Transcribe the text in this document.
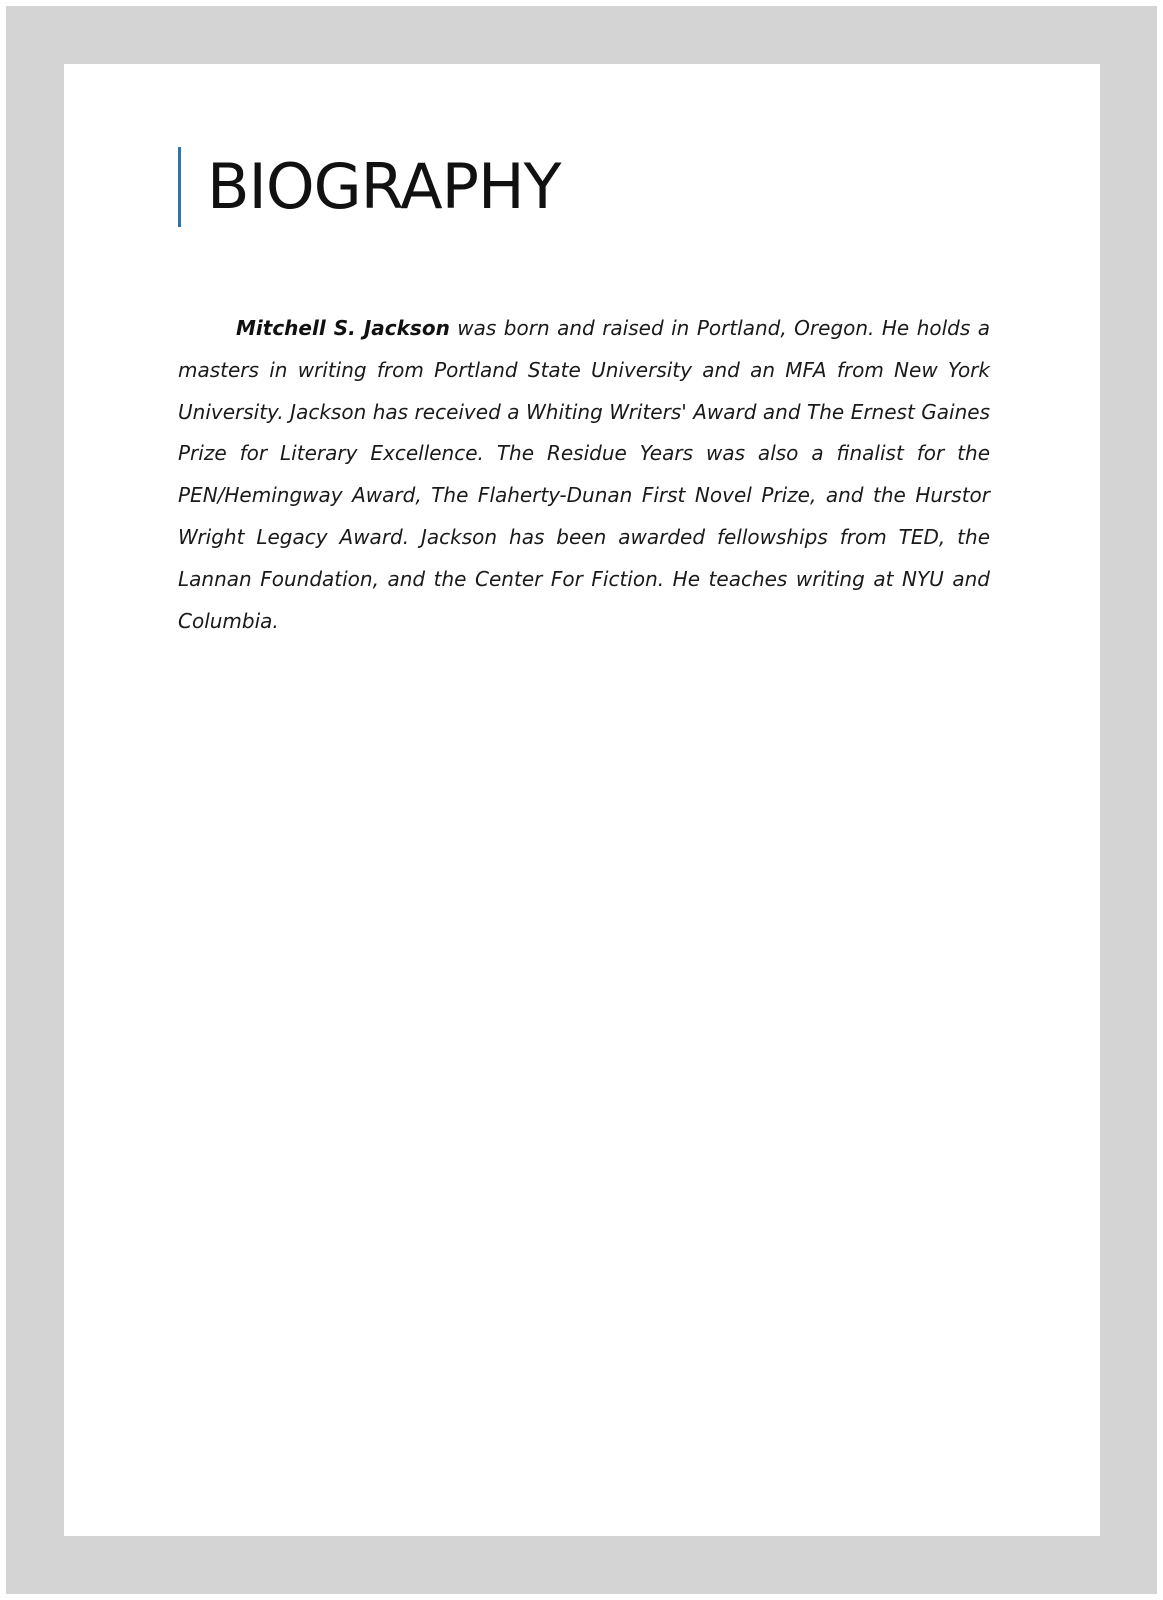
BIOGRAPHY

Mitchell S. Jackson was born and raised in Portland, Oregon. He holds a masters in writing from Portland State University and an MFA from New York University. Jackson has received a Whiting Writers' Award and The Ernest Gaines Prize for Literary Excellence. The Residue Years was also a finalist for the PEN/Hemingway Award, The Flaherty-Dunan First Novel Prize, and the Hurstor Wright Legacy Award. Jackson has been awarded fellowships from TED, the Lannan Foundation, and the Center For Fiction. He teaches writing at NYU and Columbia.
